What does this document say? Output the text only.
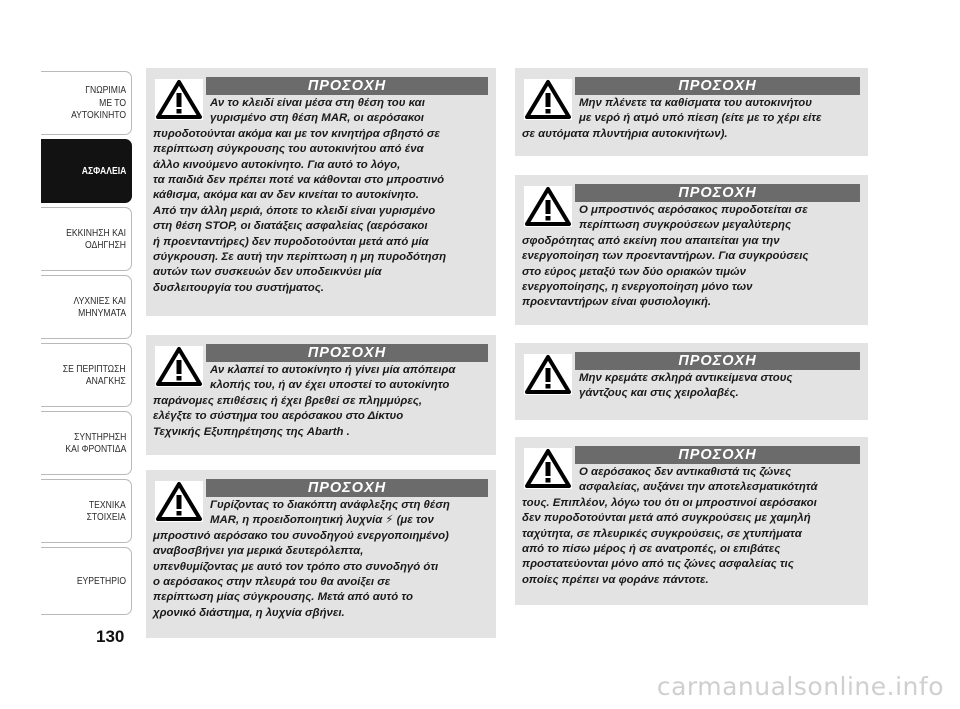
ΓΝΩΡΙΜΙΑ
ΜΕ ΤΟ
ΑΥΤΟΚΙΝΗΤΟ
ΑΣΦΑΛΕΙΑ
ΕΚΚΙΝΗΣΗ ΚΑΙ
ΟΔΗΓΗΣΗ
ΛΥΧΝΙΕΣ ΚΑΙ
ΜΗΝΥΜΑΤΑ
ΣΕ ΠΕΡΙΠΤΩΣΗ
ΑΝΑΓΚΗΣ
ΣΥΝΤΗΡΗΣΗ
ΚΑΙ ΦΡΟΝΤΙΔΑ
ΤΕΧΝΙΚΑ
ΣΤΟΙΧΕΙΑ
ΕΥΡΕΤΗΡΙΟ
130
ΠΡΟΣΟΧΗ

Αν το κλειδί είναι μέσα στη θέση του και
γυρισμένο στη θέση MAR, οι αερόσακοι
πυροδοτούνται ακόμα και με τον κινητήρα σβηστό σε
περίπτωση σύγκρουσης του αυτοκινήτου από ένα
άλλο κινούμενο αυτοκίνητο. Για αυτό το λόγο,
τα παιδιά δεν πρέπει ποτέ να κάθονται στο μπροστινό
κάθισμα, ακόμα και αν δεν κινείται το αυτοκίνητο.
Από την άλλη μεριά, όποτε το κλειδί είναι γυρισμένο
στη θέση STOP, οι διατάξεις ασφαλείας (αερόσακοι
ή προενταντήρες) δεν πυροδοτούνται μετά από μία
σύγκρουση. Σε αυτή την περίπτωση η μη πυροδότηση
αυτών των συσκευών δεν υποδεικνύει μία
δυσλειτουργία του συστήματος.

ΠΡΟΣΟΧΗ

Αν κλαπεί το αυτοκίνητο ή γίνει μία απόπειρα
κλοπής του, ή αν έχει υποστεί το αυτοκίνητο
παράνομες επιθέσεις ή έχει βρεθεί σε πλημμύρες,
ελέγξτε το σύστημα του αερόσακου στο Δίκτυο
Τεχνικής Εξυπηρέτησης της Abarth .

ΠΡΟΣΟΧΗ

Γυρίζοντας το διακόπτη ανάφλεξης στη θέση
MAR, η προειδοποιητική λυχνία ⚡ (με τον
μπροστινό αερόσακο του συνοδηγού ενεργοποιημένο)
αναβοσβήνει για μερικά δευτερόλεπτα,
υπενθυμίζοντας με αυτό τον τρόπο στο συνοδηγό ότι
ο αερόσακος στην πλευρά του θα ανοίξει σε
περίπτωση μίας σύγκρουσης. Μετά από αυτό το
χρονικό διάστημα, η λυχνία σβήνει.

ΠΡΟΣΟΧΗ

Μην πλένετε τα καθίσματα του αυτοκινήτου
με νερό ή ατμό υπό πίεση (είτε με το χέρι είτε
σε αυτόματα πλυντήρια αυτοκινήτων).

ΠΡΟΣΟΧΗ

Ο μπροστινός αερόσακος πυροδοτείται σε
περίπτωση συγκρούσεων μεγαλύτερης
σφοδρότητας από εκείνη που απαιτείται για την
ενεργοποίηση των προενταντήρων. Για συγκρούσεις
στο εύρος μεταξύ των δύο οριακών τιμών
ενεργοποίησης, η ενεργοποίηση μόνο των
προενταντήρων είναι φυσιολογική.

ΠΡΟΣΟΧΗ

Μην κρεμάτε σκληρά αντικείμενα στους
γάντζους και στις χειρολαβές.

ΠΡΟΣΟΧΗ

Ο αερόσακος δεν αντικαθιστά τις ζώνες
ασφαλείας, αυξάνει την αποτελεσματικότητά
τους. Επιπλέον, λόγω του ότι οι μπροστινοί αερόσακοι
δεν πυροδοτούνται μετά από συγκρούσεις με χαμηλή
ταχύτητα, σε πλευρικές συγκρούσεις, σε χτυπήματα
από το πίσω μέρος ή σε ανατροπές, οι επιβάτες
προστατεύονται μόνο από τις ζώνες ασφαλείας τις
οποίες πρέπει να φοράνε πάντοτε.

carmanualsonline.info
